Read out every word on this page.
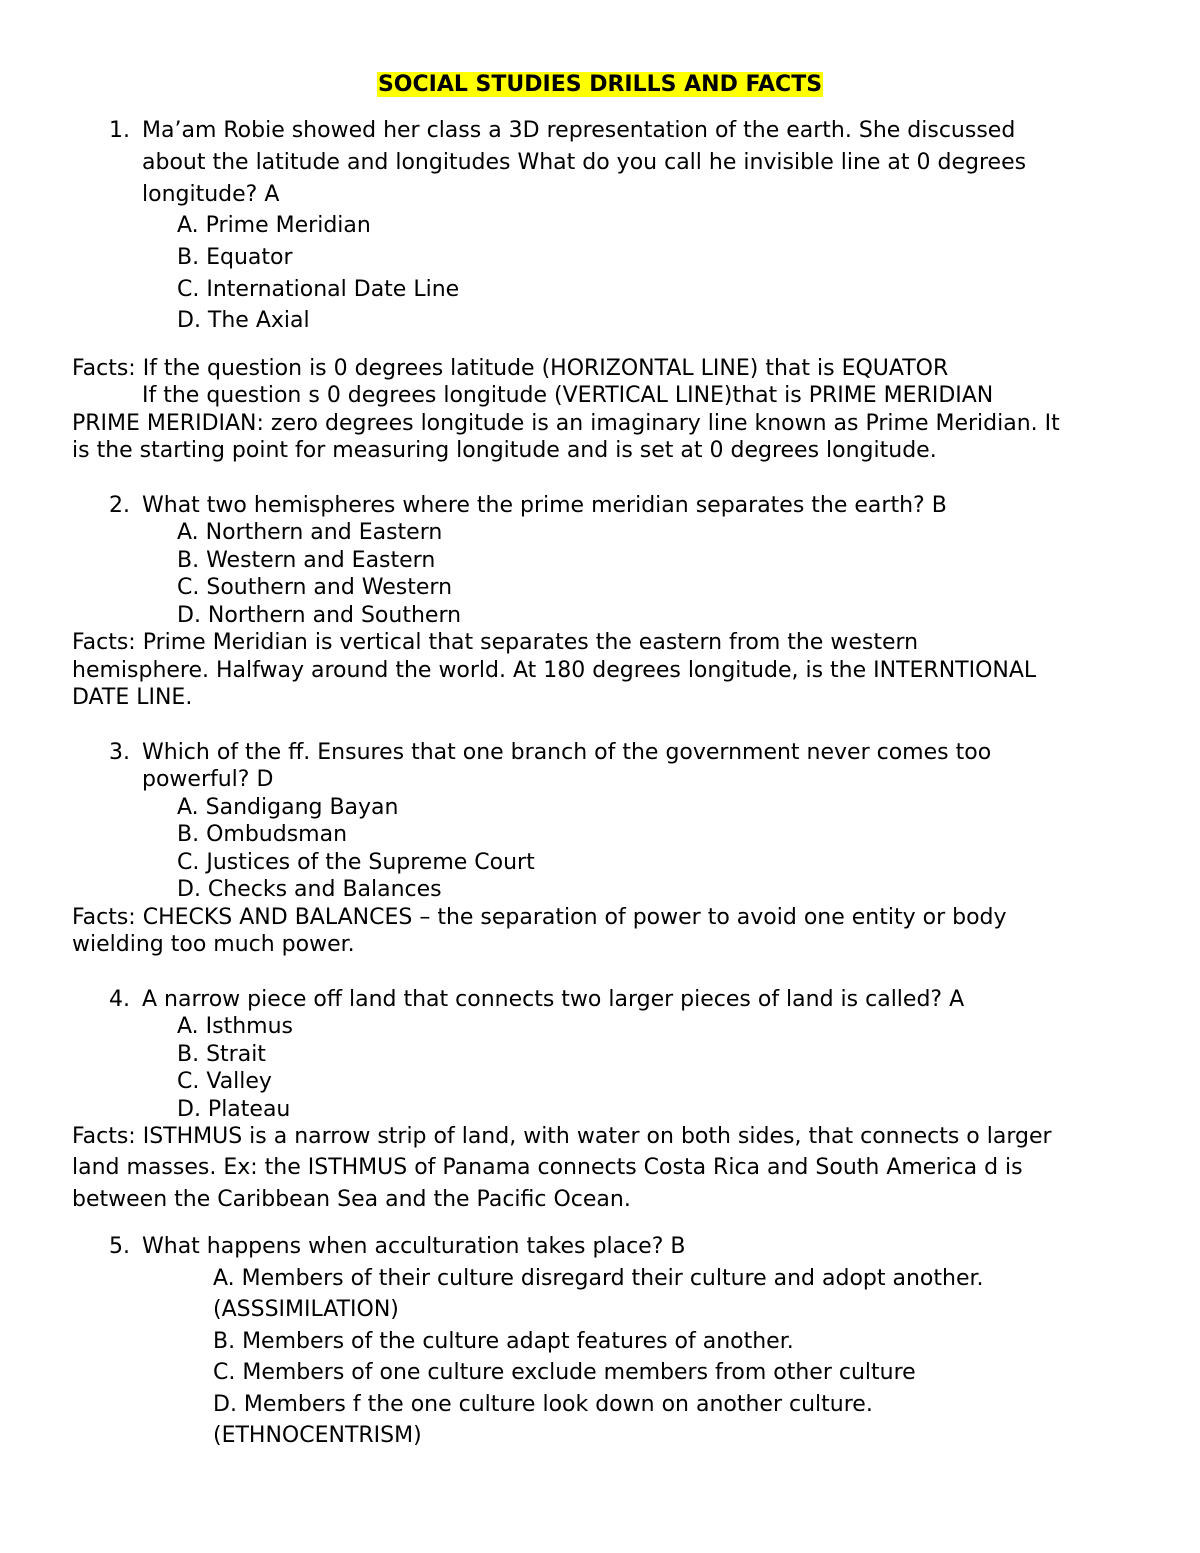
SOCIAL STUDIES DRILLS AND FACTS
1. Ma’am Robie showed her class a 3D representation of the earth. She discussed
about the latitude and longitudes What do you call he invisible line at 0 degrees
longitude? A
A. Prime Meridian
B. Equator
C. International Date Line
D. The Axial
Facts: If the question is 0 degrees latitude (HORIZONTAL LINE) that is EQUATOR
If the question s 0 degrees longitude (VERTICAL LINE)that is PRIME MERIDIAN
PRIME MERIDIAN: zero degrees longitude is an imaginary line known as Prime Meridian. It
is the starting point for measuring longitude and is set at 0 degrees longitude.
2. What two hemispheres where the prime meridian separates the earth? B
A. Northern and Eastern
B. Western and Eastern
C. Southern and Western
D. Northern and Southern
Facts: Prime Meridian is vertical that separates the eastern from the western
hemisphere. Halfway around the world. At 180 degrees longitude, is the INTERNTIONAL
DATE LINE.
3. Which of the ff. Ensures that one branch of the government never comes too
powerful? D
A. Sandigang Bayan
B. Ombudsman
C. Justices of the Supreme Court
D. Checks and Balances
Facts: CHECKS AND BALANCES – the separation of power to avoid one entity or body
wielding too much power.
4. A narrow piece off land that connects two larger pieces of land is called? A
A. Isthmus
B. Strait
C. Valley
D. Plateau
Facts: ISTHMUS is a narrow strip of land, with water on both sides, that connects o larger
land masses. Ex: the ISTHMUS of Panama connects Costa Rica and South America d is
between the Caribbean Sea and the Pacific Ocean.
5. What happens when acculturation takes place? B
A. Members of their culture disregard their culture and adopt another.
(ASSSIMILATION)
B. Members of the culture adapt features of another.
C. Members of one culture exclude members from other culture
D. Members f the one culture look down on another culture.
(ETHNOCENTRISM)
